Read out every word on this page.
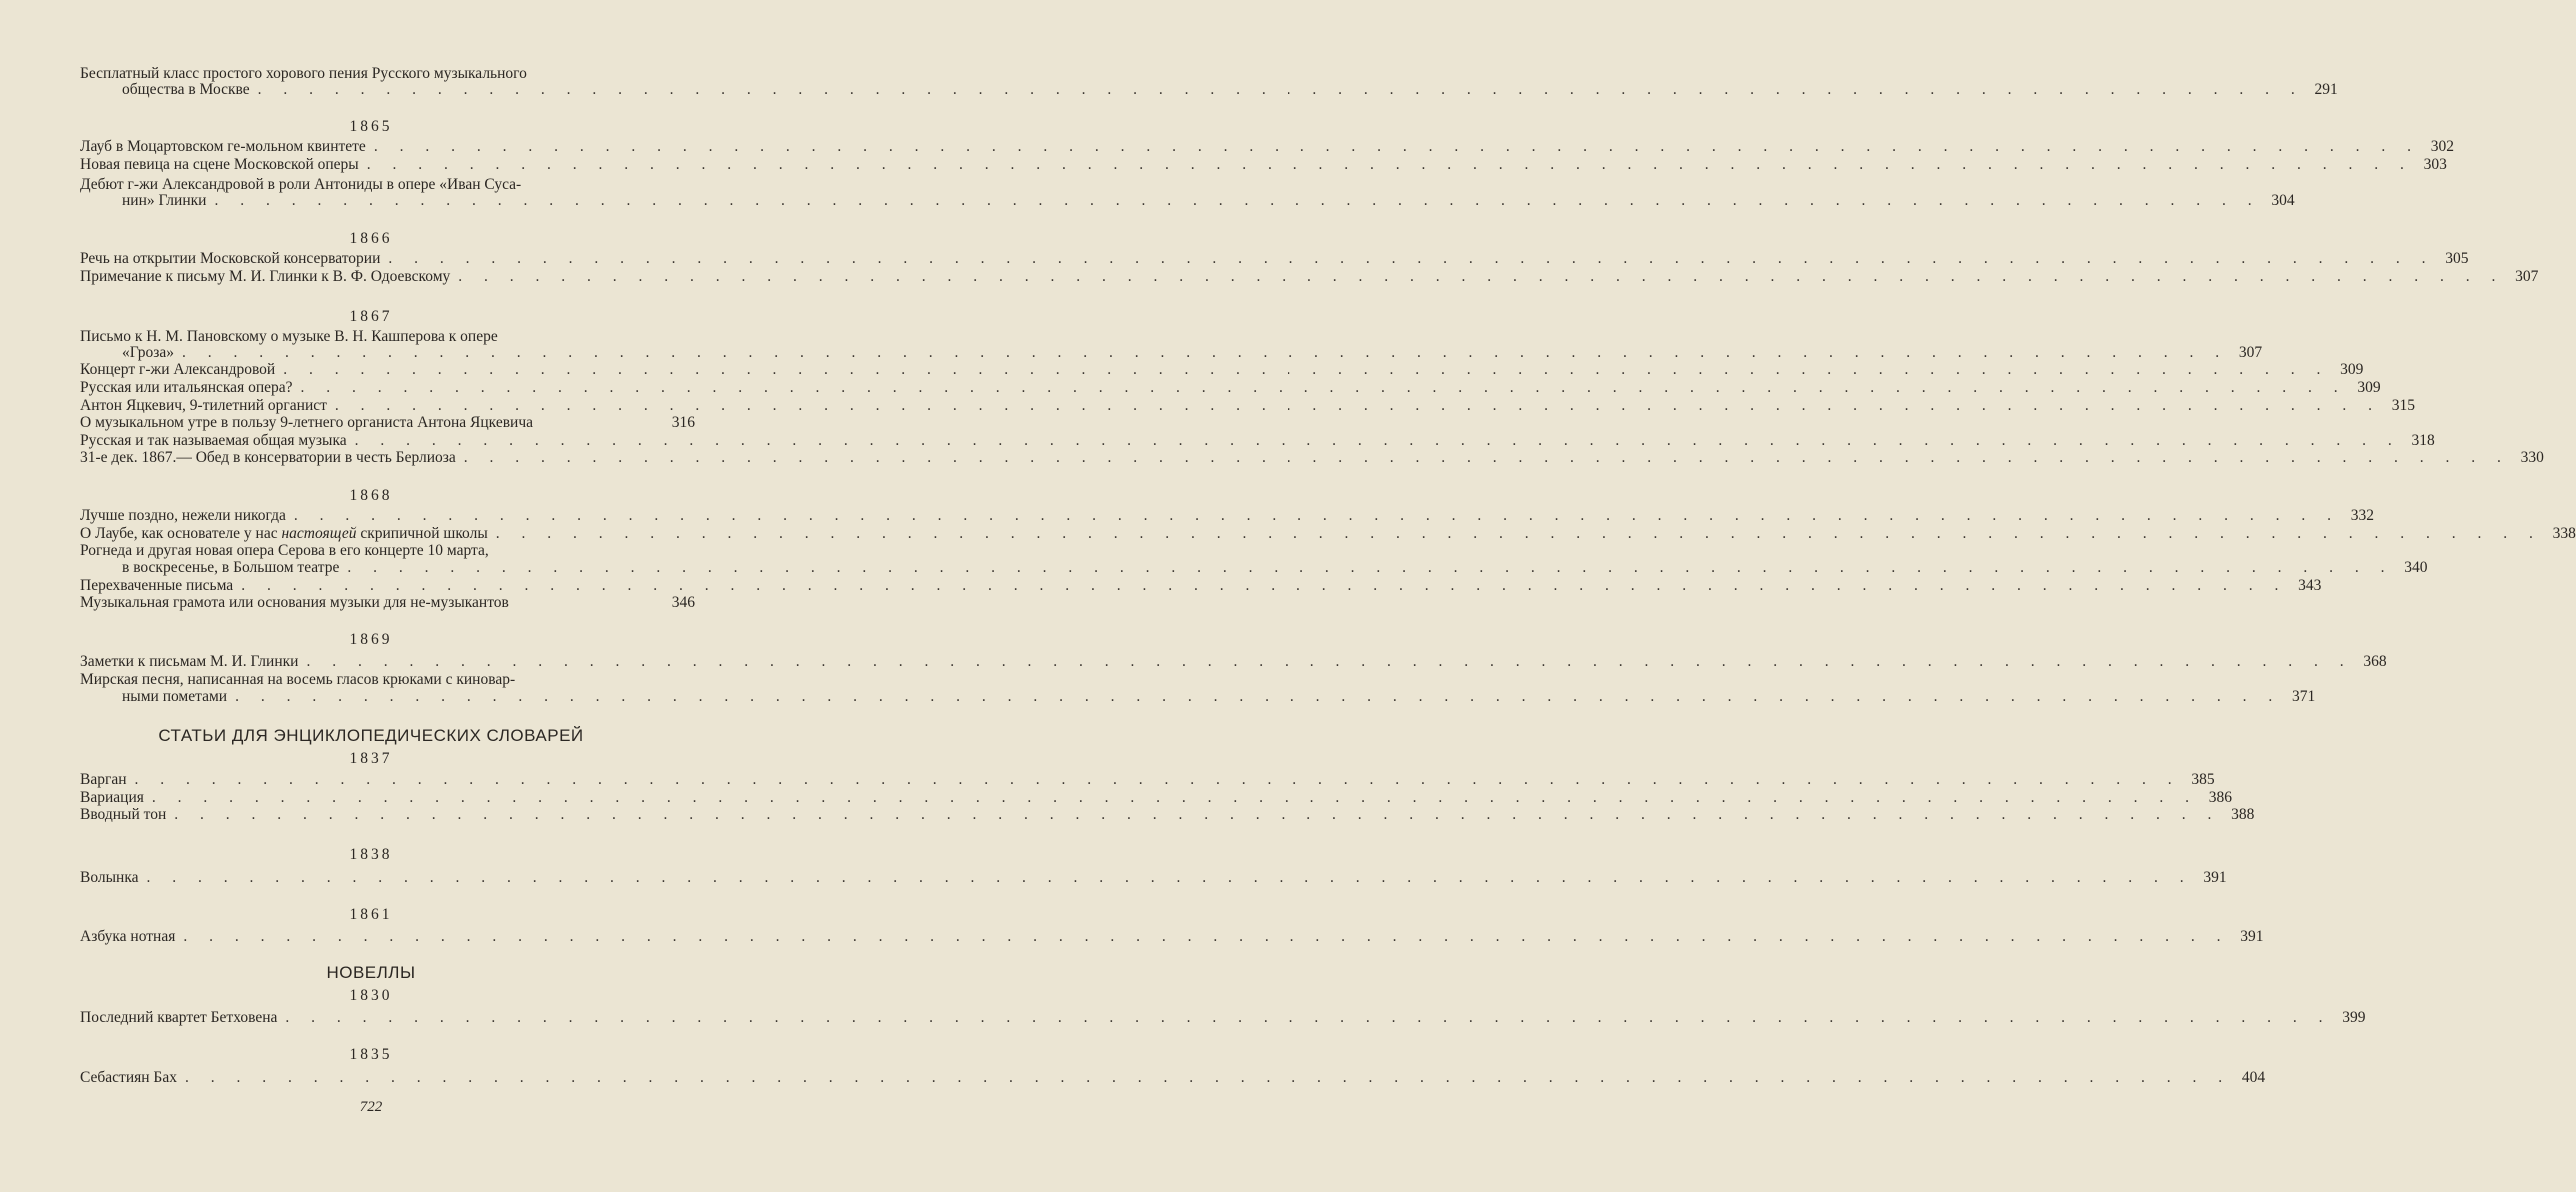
Бесплатный класс простого хорового пения Русского музыкального
общества в Москве . . . . . . . . . . . . . . . . . . . . . . . . . . . . . . . . . . . . . . . . . . . . . . . . . . . . . . . . . . . . . . . . . . . . . . . . . . . . . . . . 291
1865
Лауб в Моцартовском ге-мольном квинтете . . . . . . . . . . . . . . . . . . . . . . . . . . . . . . . . . . . . . . . . . . . . . . . . . . . . . . . . . . . . . . . . . . . . . . . . . . . . . . . . 302
Новая певица на сцене Московской оперы . . . . . . . . . . . . . . . . . . . . . . . . . . . . . . . . . . . . . . . . . . . . . . . . . . . . . . . . . . . . . . . . . . . . . . . . . . . . . . . . 303
Дебют г-жи Александровой в роли Антониды в опере «Иван Суса-
нин» Глинки . . . . . . . . . . . . . . . . . . . . . . . . . . . . . . . . . . . . . . . . . . . . . . . . . . . . . . . . . . . . . . . . . . . . . . . . . . . . . . . . 304
1866
Речь на открытии Московской консерватории . . . . . . . . . . . . . . . . . . . . . . . . . . . . . . . . . . . . . . . . . . . . . . . . . . . . . . . . . . . . . . . . . . . . . . . . . . . . . . . . 305
Примечание к письму М. И. Глинки к В. Ф. Одоевскому . . . . . . . . . . . . . . . . . . . . . . . . . . . . . . . . . . . . . . . . . . . . . . . . . . . . . . . . . . . . . . . . . . . . . . . . . . . . . . . . 307
1867
Письмо к Н. М. Пановскому о музыке В. Н. Кашперова к опере
«Гроза» . . . . . . . . . . . . . . . . . . . . . . . . . . . . . . . . . . . . . . . . . . . . . . . . . . . . . . . . . . . . . . . . . . . . . . . . . . . . . . . . 307
Концерт г-жи Александровой . . . . . . . . . . . . . . . . . . . . . . . . . . . . . . . . . . . . . . . . . . . . . . . . . . . . . . . . . . . . . . . . . . . . . . . . . . . . . . . . 309
Русская или итальянская опера? . . . . . . . . . . . . . . . . . . . . . . . . . . . . . . . . . . . . . . . . . . . . . . . . . . . . . . . . . . . . . . . . . . . . . . . . . . . . . . . . 309
Антон Яцкевич, 9-тилетний органист . . . . . . . . . . . . . . . . . . . . . . . . . . . . . . . . . . . . . . . . . . . . . . . . . . . . . . . . . . . . . . . . . . . . . . . . . . . . . . . . 315
О музыкальном утре в пользу 9-летнего органиста Антона Яцкевича	316
Русская и так называемая общая музыка . . . . . . . . . . . . . . . . . . . . . . . . . . . . . . . . . . . . . . . . . . . . . . . . . . . . . . . . . . . . . . . . . . . . . . . . . . . . . . . . 318
31-е дек. 1867.— Обед в консерватории в честь Берлиоза . . . . . . . . . . . . . . . . . . . . . . . . . . . . . . . . . . . . . . . . . . . . . . . . . . . . . . . . . . . . . . . . . . . . . . . . . . . . . . . . 330
1868
Лучше поздно, нежели никогда . . . . . . . . . . . . . . . . . . . . . . . . . . . . . . . . . . . . . . . . . . . . . . . . . . . . . . . . . . . . . . . . . . . . . . . . . . . . . . . . 332
О Лаубе, как основателе у нас настоящей скрипичной школы . . . . . . . . . . . . . . . . . . . . . . . . . . . . . . . . . . . . . . . . . . . . . . . . . . . . . . . . . . . . . . . . . . . . . . . . . . . . . . . . 338
Рогнеда и другая новая опера Серова в его концерте 10 марта,
в воскресенье, в Большом театре . . . . . . . . . . . . . . . . . . . . . . . . . . . . . . . . . . . . . . . . . . . . . . . . . . . . . . . . . . . . . . . . . . . . . . . . . . . . . . . . 340
Перехваченные письма . . . . . . . . . . . . . . . . . . . . . . . . . . . . . . . . . . . . . . . . . . . . . . . . . . . . . . . . . . . . . . . . . . . . . . . . . . . . . . . . 343
Музыкальная грамота или основания музыки для не-музыкантов	346
1869
Заметки к письмам М. И. Глинки . . . . . . . . . . . . . . . . . . . . . . . . . . . . . . . . . . . . . . . . . . . . . . . . . . . . . . . . . . . . . . . . . . . . . . . . . . . . . . . . 368
Мирская песня, написанная на восемь гласов крюками с киновар-
ными пометами . . . . . . . . . . . . . . . . . . . . . . . . . . . . . . . . . . . . . . . . . . . . . . . . . . . . . . . . . . . . . . . . . . . . . . . . . . . . . . . . 371
СТАТЬИ ДЛЯ ЭНЦИКЛОПЕДИЧЕСКИХ СЛОВАРЕЙ
1837
Варган . . . . . . . . . . . . . . . . . . . . . . . . . . . . . . . . . . . . . . . . . . . . . . . . . . . . . . . . . . . . . . . . . . . . . . . . . . . . . . . . 385
Вариация . . . . . . . . . . . . . . . . . . . . . . . . . . . . . . . . . . . . . . . . . . . . . . . . . . . . . . . . . . . . . . . . . . . . . . . . . . . . . . . . 386
Вводный тон . . . . . . . . . . . . . . . . . . . . . . . . . . . . . . . . . . . . . . . . . . . . . . . . . . . . . . . . . . . . . . . . . . . . . . . . . . . . . . . . 388
1838
Волынка . . . . . . . . . . . . . . . . . . . . . . . . . . . . . . . . . . . . . . . . . . . . . . . . . . . . . . . . . . . . . . . . . . . . . . . . . . . . . . . . 391
1861
Азбука нотная . . . . . . . . . . . . . . . . . . . . . . . . . . . . . . . . . . . . . . . . . . . . . . . . . . . . . . . . . . . . . . . . . . . . . . . . . . . . . . . . 391
НОВЕЛЛЫ
1830
Последний квартет Бетховена . . . . . . . . . . . . . . . . . . . . . . . . . . . . . . . . . . . . . . . . . . . . . . . . . . . . . . . . . . . . . . . . . . . . . . . . . . . . . . . . 399
1835
Себастиян Бах . . . . . . . . . . . . . . . . . . . . . . . . . . . . . . . . . . . . . . . . . . . . . . . . . . . . . . . . . . . . . . . . . . . . . . . . . . . . . . . . 404
722
